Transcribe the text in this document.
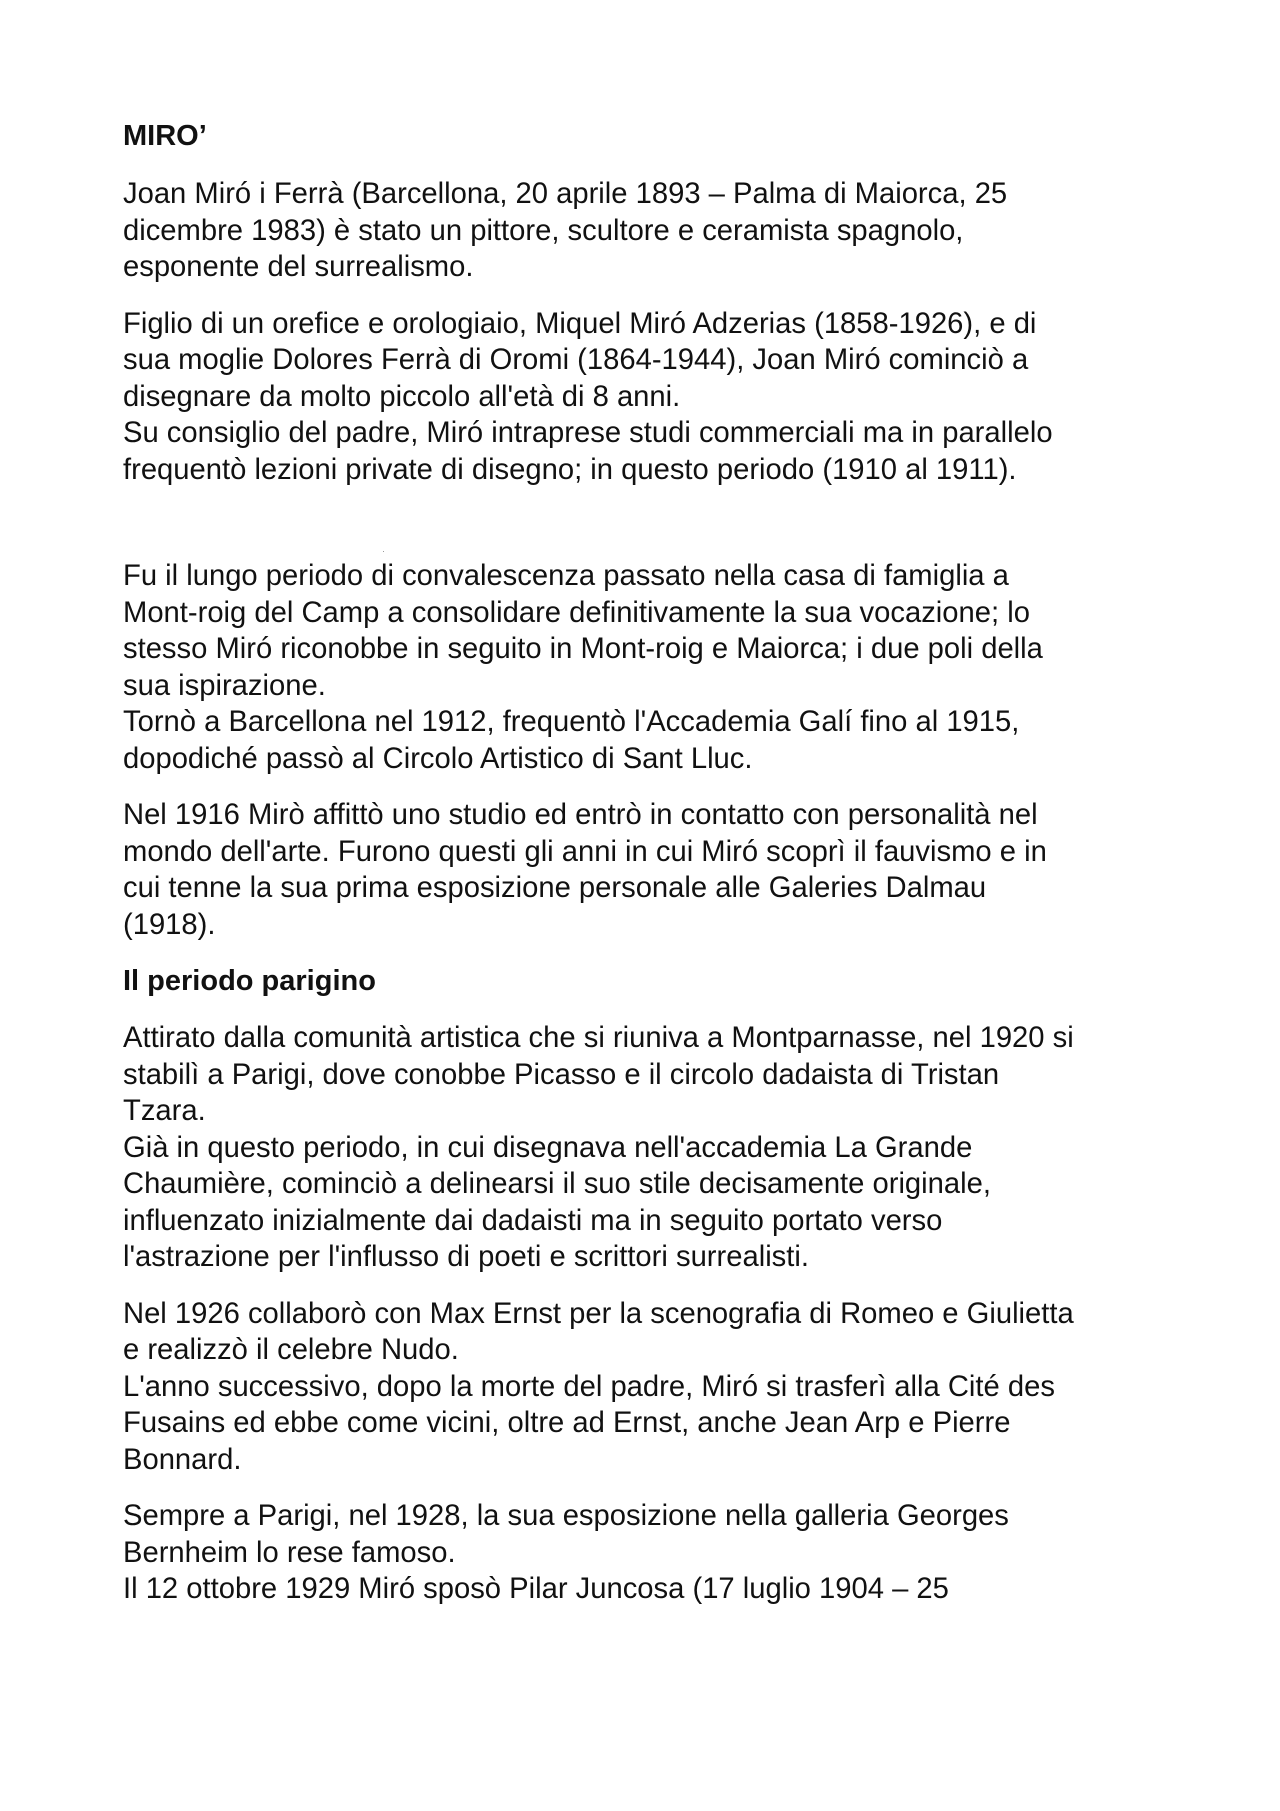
MIRO’
Joan Miró i Ferrà (Barcellona, 20 aprile 1893 – Palma di Maiorca, 25
dicembre 1983) è stato un pittore, scultore e ceramista spagnolo,
esponente del surrealismo.
Figlio di un orefice e orologiaio, Miquel Miró Adzerias (1858-1926), e di
sua moglie Dolores Ferrà di Oromi (1864-1944), Joan Miró cominciò a
disegnare da molto piccolo all'età di 8 anni.
Su consiglio del padre, Miró intraprese studi commerciali ma in parallelo
frequentò lezioni private di disegno; in questo periodo (1910 al 1911).
Fu il lungo periodo di convalescenza passato nella casa di famiglia a
Mont-roig del Camp a consolidare definitivamente la sua vocazione; lo
stesso Miró riconobbe in seguito in Mont-roig e Maiorca; i due poli della
sua ispirazione.
Tornò a Barcellona nel 1912, frequentò l'Accademia Galí fino al 1915,
dopodiché passò al Circolo Artistico di Sant Lluc.
Nel 1916 Mirò affittò uno studio ed entrò in contatto con personalità nel
mondo dell'arte. Furono questi gli anni in cui Miró scoprì il fauvismo e in
cui tenne la sua prima esposizione personale alle Galeries Dalmau
(1918).
Il periodo parigino
Attirato dalla comunità artistica che si riuniva a Montparnasse, nel 1920 si
stabilì a Parigi, dove conobbe Picasso e il circolo dadaista di Tristan
Tzara.
Già in questo periodo, in cui disegnava nell'accademia La Grande
Chaumière, cominciò a delinearsi il suo stile decisamente originale,
influenzato inizialmente dai dadaisti ma in seguito portato verso
l'astrazione per l'influsso di poeti e scrittori surrealisti.
Nel 1926 collaborò con Max Ernst per la scenografia di Romeo e Giulietta
e realizzò il celebre Nudo.
L'anno successivo, dopo la morte del padre, Miró si trasferì alla Cité des
Fusains ed ebbe come vicini, oltre ad Ernst, anche Jean Arp e Pierre
Bonnard.
Sempre a Parigi, nel 1928, la sua esposizione nella galleria Georges
Bernheim lo rese famoso.
Il 12 ottobre 1929 Miró sposò Pilar Juncosa (17 luglio 1904 – 25
